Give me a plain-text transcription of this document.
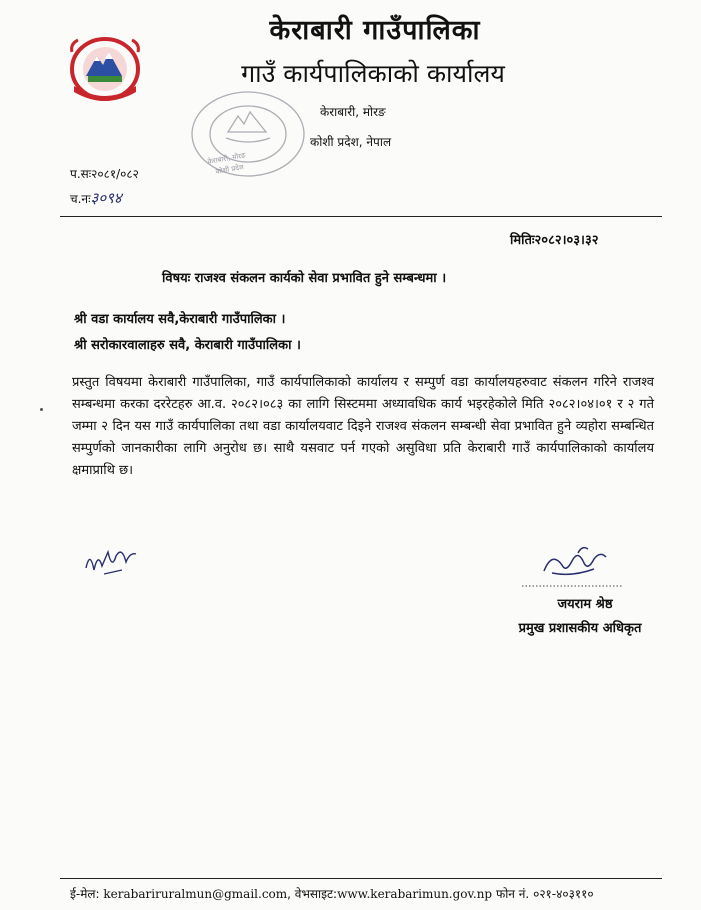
केराबारी गाउँपालिका
गाउँ कार्यपालिकाको कार्यालय
केराबारी, मोरङ
कोशी प्रदेश, नेपाल
केराबारी, मोरङ
कोशी प्रदेश
प.सः२०८१/०८२
च.नः३०९४
मितिः२०८२।०३।३२
विषयः राजश्व संकलन कार्यको सेवा प्रभावित हुने सम्बन्धमा ।
श्री वडा कार्यालय सवै,केराबारी गाउँपालिका ।
श्री सरोकारवालाहरु सवै, केराबारी गाउँपालिका ।
प्रस्तुत विषयमा केराबारी गाउँपालिका, गाउँ कार्यपालिकाको कार्यालय र सम्पुर्ण वडा कार्यालयहरुवाट संकलन गरिने राजश्व सम्बन्धमा करका दररेटहरु आ.व. २०८२।०८३ का लागि सिस्टममा अध्यावधिक कार्य भइरहेकोले मिति २०८२।०४।०१ र २ गते जम्मा २ दिन यस गाउँ कार्यपालिका तथा वडा कार्यालयवाट दिइने राजश्व संकलन सम्बन्धी सेवा प्रभावित हुने व्यहोरा सम्बन्धित सम्पुर्णको जानकारीका लागि अनुरोध छ। साथै यसवाट पर्न गएको असुविधा प्रति केराबारी गाउँ कार्यपालिकाको कार्यालय क्षमाप्राथि छ।
जयराम श्रेष्ठ
प्रमुख प्रशासकीय अधिकृत
ई-मेल: kerabariruralmun@gmail.com, वेभसाइट:www.kerabarimun.gov.np फोन नं. ०२१-४०३११०
